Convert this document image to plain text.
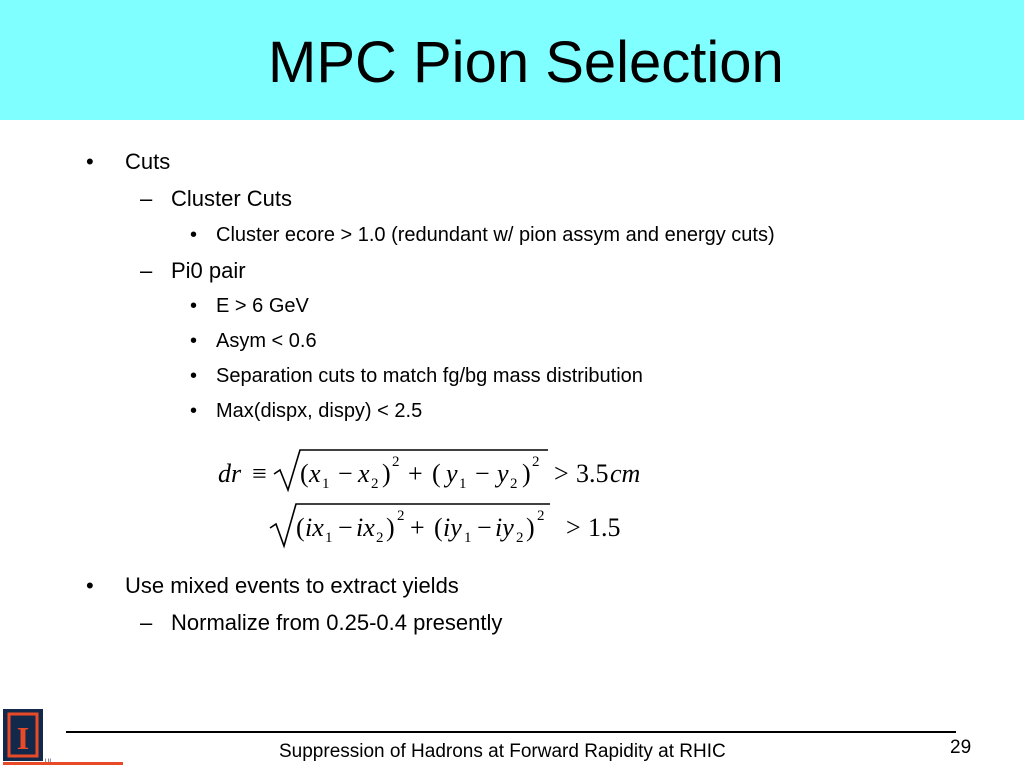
MPC Pion Selection
• Cuts
– Cluster Cuts
• Cluster ecore > 1.0 (redundant w/ pion assym and energy cuts)
– Pi0 pair
• E > 6 GeV
• Asym < 0.6
• Separation cuts to match fg/bg mass distribution
• Max(dispx, dispy) < 2.5
dr ≡ ( x 1 − x 2 ) 2 + ( y 1 − y 2 ) 2 > 3.5 cm
( ix 1 − ix 2 ) 2 + ( iy 1 − iy 2 ) 2 > 1.5
• Use mixed events to extract yields
– Normalize from 0.25-0.4 presently
I	Suppression of Hadrons at Forward Rapidity at RHIC	29
